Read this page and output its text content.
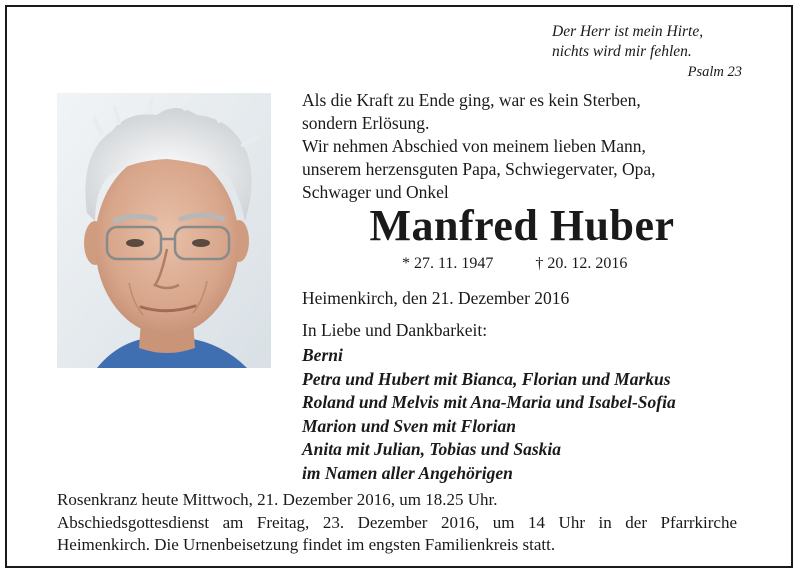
Der Herr ist mein Hirte,
nichts wird mir fehlen.
Psalm 23
Als die Kraft zu Ende ging, war es kein Sterben,
sondern Erlösung.
Wir nehmen Abschied von meinem lieben Mann,
unserem herzensguten Papa, Schwiegervater, Opa,
Schwager und Onkel
Manfred Huber
* 27. 11. 1947	† 20. 12. 2016
Heimenkirch, den 21. Dezember 2016
In Liebe und Dankbarkeit:
Berni
Petra und Hubert mit Bianca, Florian und Markus
Roland und Melvis mit Ana-Maria und Isabel-Sofia
Marion und Sven mit Florian
Anita mit Julian, Tobias und Saskia
im Namen aller Angehörigen
Rosenkranz heute Mittwoch, 21. Dezember 2016, um 18.25 Uhr.
Abschiedsgottesdienst am Freitag, 23. Dezember 2016, um 14 Uhr in der Pfarrkirche
Heimenkirch. Die Urnenbeisetzung findet im engsten Familienkreis statt.
